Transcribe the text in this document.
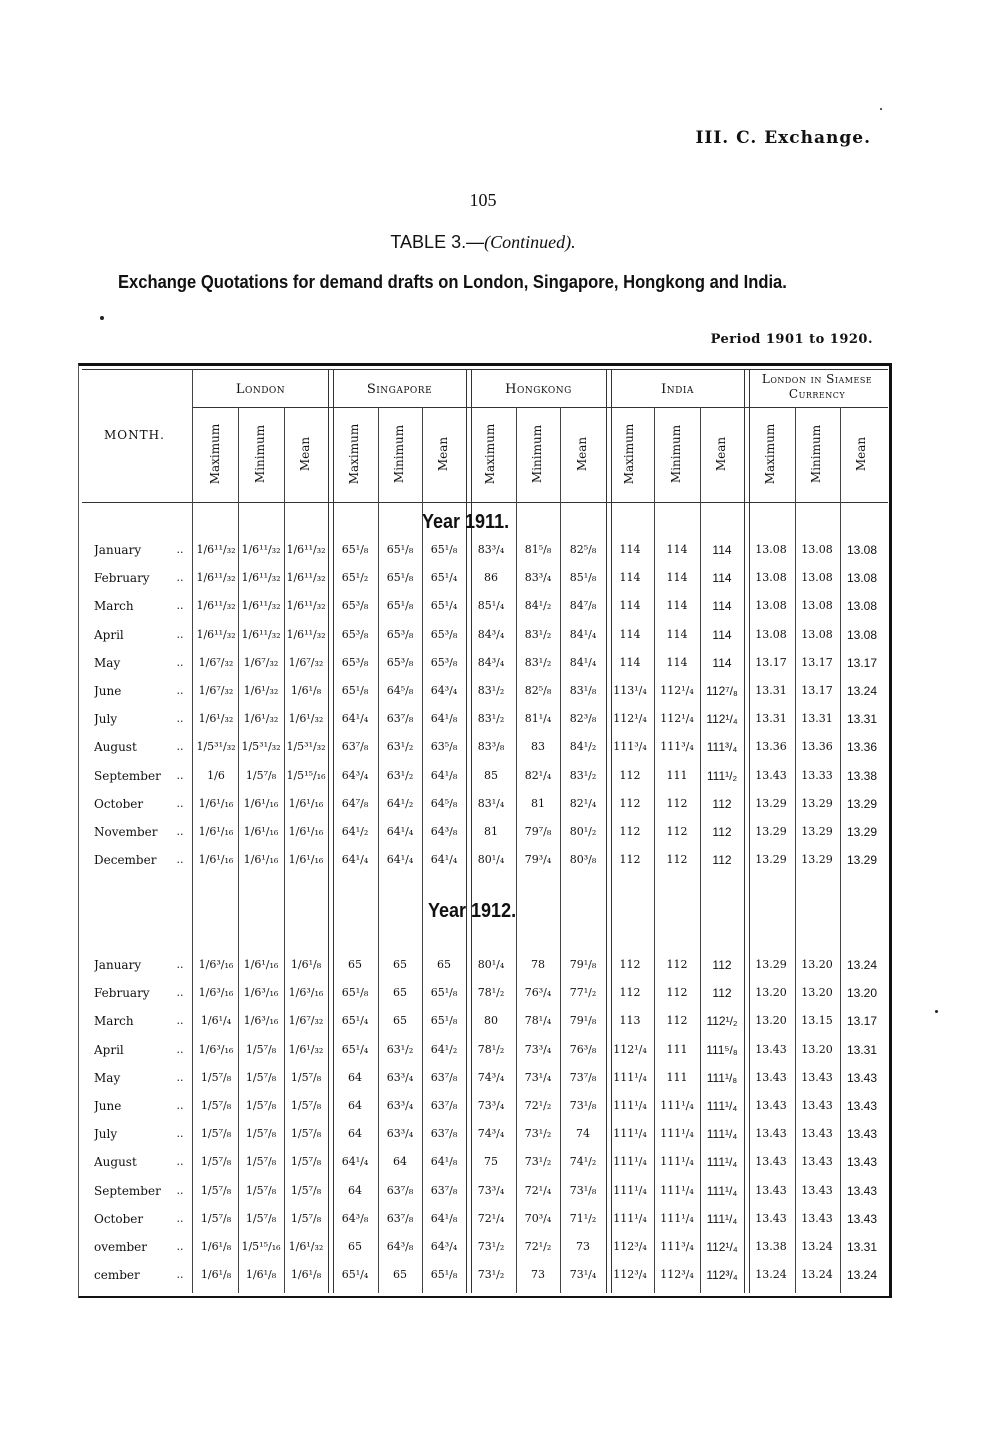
III. C. Exchange.
105
TABLE 3.—(Continued).
Exchange Quotations for demand drafts on London, Singapore, Hongkong and India.
Period 1901 to 1920.
London	Singapore	Hongkong	India
London in Siamese Currency
MONTH.	Maximum	Minimum	Mean	Maximum	Minimum	Mean	Maximum	Minimum	Mean	Maximum	Minimum	Mean	Maximum	Minimum	Mean
Year 1911.
January	..	1/6¹¹/₃₂ 1/6¹¹/₃₂ 1/6¹¹/₃₂	65¹/₈	65¹/₈	65¹/₈	83³/₄	81⁵/₈	82⁵/₈	114	114	114	13.08	13.08	13.08
February	..	1/6¹¹/₃₂ 1/6¹¹/₃₂ 1/6¹¹/₃₂	65¹/₂	65¹/₈	65¹/₄	86	83³/₄	85¹/₈	114	114	114	13.08	13.08	13.08
March	..	1/6¹¹/₃₂ 1/6¹¹/₃₂ 1/6¹¹/₃₂	65³/₈	65¹/₈	65¹/₄	85¹/₄	84¹/₂	84⁷/₈	114	114	114	13.08	13.08	13.08
April	..	1/6¹¹/₃₂ 1/6¹¹/₃₂ 1/6¹¹/₃₂	65³/₈	65³/₈	65³/₈	84³/₄	83¹/₂	84¹/₄	114	114	114	13.08	13.08	13.08
May	..	1/6⁷/₃₂ 1/6⁷/₃₂ 1/6⁷/₃₂	65³/₈	65³/₈	65³/₈	84³/₄	83¹/₂	84¹/₄	114	114	114	13.17	13.17	13.17
June	..	1/6⁷/₃₂ 1/6¹/₃₂	1/6¹/₈	65¹/₈	64⁵/₈	64³/₄	83¹/₂	82⁵/₈	83¹/₈	113¹/₄	112¹/₄	112⁷/₈	13.31	13.17	13.24
July	..	1/6¹/₃₂ 1/6¹/₃₂ 1/6¹/₃₂	64¹/₄	63⁷/₈	64¹/₈	83¹/₂	81¹/₄	82³/₈	112¹/₄	112¹/₄	112¹/₄	13.31	13.31	13.31
August	..	1/5³¹/₃₂ 1/5³¹/₃₂ 1/5³¹/₃₂	63⁷/₈	63¹/₂	63⁵/₈	83³/₈	83	84¹/₂	111³/₄	111³/₄	111³/₄	13.36	13.36	13.36
September	..	1/6	1/5⁷/₈ 1/5¹⁵/₁₆	64³/₄	63¹/₂	64¹/₈	85	82¹/₄	83¹/₂	112	111	111¹/₂	13.43	13.33	13.38
October	..	1/6¹/₁₆ 1/6¹/₁₆ 1/6¹/₁₆	64⁷/₈	64¹/₂	64⁵/₈	83¹/₄	81	82¹/₄	112	112	112	13.29	13.29	13.29
November	..	1/6¹/₁₆ 1/6¹/₁₆ 1/6¹/₁₆	64¹/₂	64¹/₄	64³/₈	81	79⁷/₈	80¹/₂	112	112	112	13.29	13.29	13.29
December	..	1/6¹/₁₆ 1/6¹/₁₆ 1/6¹/₁₆	64¹/₄	64¹/₄	64¹/₄	80¹/₄	79³/₄	80³/₈	112	112	112	13.29	13.29	13.29
Year 1912.
January	..	1/6³/₁₆ 1/6¹/₁₆	1/6¹/₈	65	65	65	80¹/₄	78	79¹/₈	112	112	112	13.29	13.20	13.24
February	..	1/6³/₁₆ 1/6³/₁₆ 1/6³/₁₆	65¹/₈	65	65¹/₈	78¹/₂	76³/₄	77¹/₂	112	112	112	13.20	13.20	13.20
March	..	1/6¹/₄	1/6³/₁₆ 1/6⁷/₃₂	65¹/₄	65	65¹/₈	80	78¹/₄	79¹/₈	113	112	112¹/₂	13.20	13.15	13.17
April	..	1/6³/₁₆	1/5⁷/₈	1/6¹/₃₂	65¹/₄	63¹/₂	64¹/₂	78¹/₂	73³/₄	76³/₈	112¹/₄	111	111⁵/₈	13.43	13.20	13.31
May	..	1/5⁷/₈	1/5⁷/₈	1/5⁷/₈	64	63³/₄	63⁷/₈	74³/₄	73¹/₄	73⁷/₈	111¹/₄	111	111¹/₈	13.43	13.43	13.43
June	..	1/5⁷/₈	1/5⁷/₈	1/5⁷/₈	64	63³/₄	63⁷/₈	73³/₄	72¹/₂	73¹/₈	111¹/₄	111¹/₄	111¹/₄	13.43	13.43	13.43
July	..	1/5⁷/₈	1/5⁷/₈	1/5⁷/₈	64	63³/₄	63⁷/₈	74³/₄	73¹/₂	74	111¹/₄	111¹/₄	111¹/₄	13.43	13.43	13.43
August	..	1/5⁷/₈	1/5⁷/₈	1/5⁷/₈	64¹/₄	64	64¹/₈	75	73¹/₂	74¹/₂	111¹/₄	111¹/₄	111¹/₄	13.43	13.43	13.43
September	..	1/5⁷/₈	1/5⁷/₈	1/5⁷/₈	64	63⁷/₈	63⁷/₈	73³/₄	72¹/₄	73¹/₈	111¹/₄	111¹/₄	111¹/₄	13.43	13.43	13.43
October	..	1/5⁷/₈	1/5⁷/₈	1/5⁷/₈	64³/₈	63⁷/₈	64¹/₈	72¹/₄	70³/₄	71¹/₂	111¹/₄	111¹/₄	111¹/₄	13.43	13.43	13.43
ovember	..	1/6¹/₈ 1/5¹⁵/₁₆ 1/6¹/₃₂	65	64³/₈	64³/₄	73¹/₂	72¹/₂	73	112³/₄	111³/₄	112¹/₄	13.38	13.24	13.31
cember	..	1/6¹/₈	1/6¹/₈	1/6¹/₈	65¹/₄	65	65¹/₈	73¹/₂	73	73¹/₄	112³/₄	112³/₄	112³/₄	13.24	13.24	13.24
